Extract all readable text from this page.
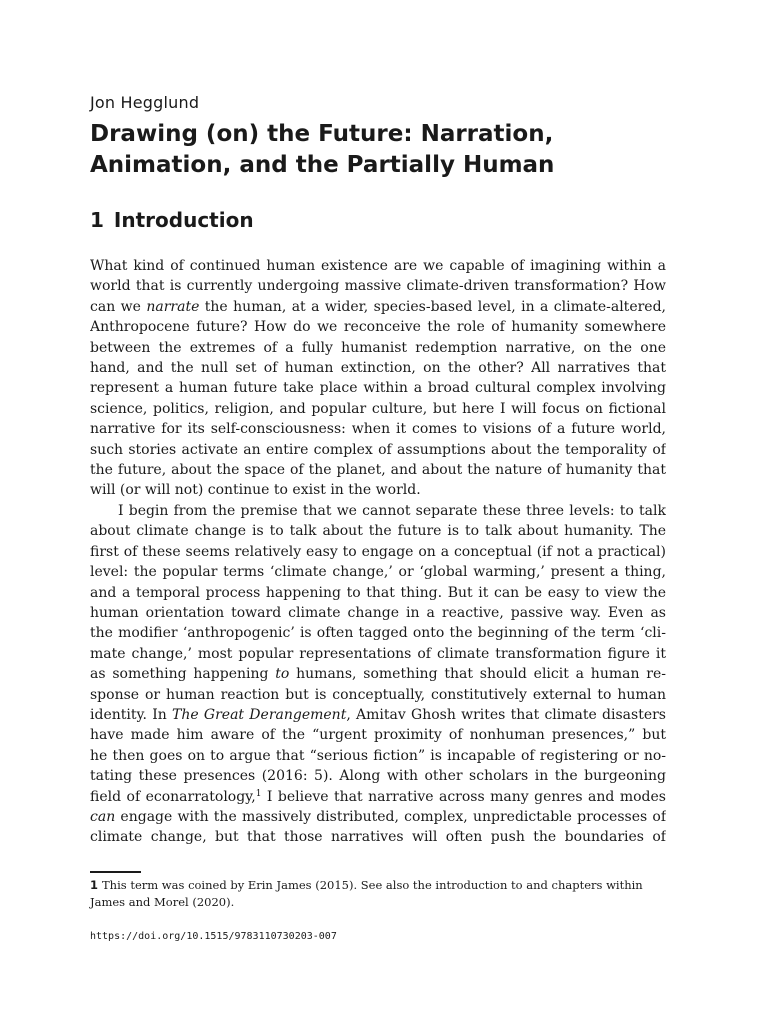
Jon Hegglund
Drawing (on) the Future: Narration,
Animation, and the Partially Human
1 Introduction
What kind of continued human existence are we capable of imagining within a
world that is currently undergoing massive climate-driven transformation? How
can we narrate the human, at a wider, species-based level, in a climate-altered,
Anthropocene future? How do we reconceive the role of humanity somewhere
between the extremes of a fully humanist redemption narrative, on the one
hand, and the null set of human extinction, on the other? All narratives that
represent a human future take place within a broad cultural complex involving
science, politics, religion, and popular culture, but here I will focus on fictional
narrative for its self-consciousness: when it comes to visions of a future world,
such stories activate an entire complex of assumptions about the temporality of
the future, about the space of the planet, and about the nature of humanity that
will (or will not) continue to exist in the world.
I begin from the premise that we cannot separate these three levels: to talk
about climate change is to talk about the future is to talk about humanity. The
first of these seems relatively easy to engage on a conceptual (if not a practical)
level: the popular terms ‘climate change,’ or ‘global warming,’ present a thing,
and a temporal process happening to that thing. But it can be easy to view the
human orientation toward climate change in a reactive, passive way. Even as
the modifier ‘anthropogenic’ is often tagged onto the beginning of the term ‘cli-
mate change,’ most popular representations of climate transformation figure it
as something happening to humans, something that should elicit a human re-
sponse or human reaction but is conceptually, constitutively external to human
identity. In The Great Derangement, Amitav Ghosh writes that climate disasters
have made him aware of the “urgent proximity of nonhuman presences,” but
he then goes on to argue that “serious fiction” is incapable of registering or no-
tating these presences (2016: 5). Along with other scholars in the burgeoning
field of econarratology,$^1$ I believe that narrative across many genres and modes
can engage with the massively distributed, complex, unpredictable processes of
climate change, but that those narratives will often push the boundaries of
1 This term was coined by Erin James (2015). See also the introduction to and chapters within
James and Morel (2020).
https://doi.org/10.1515/9783110730203-007
